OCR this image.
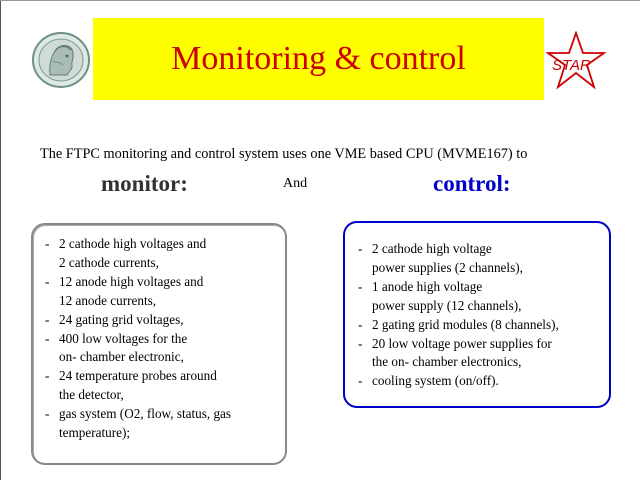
Monitoring & control	STAR
The FTPC monitoring and control system uses one VME based CPU (MVME167) to
monitor:	And	control:
- 2 cathode high voltages and
2 cathode currents,
- 12 anode high voltages and
12 anode currents,
- 24 gating grid voltages,
- 400 low voltages for the
on- chamber electronic,
- 24 temperature probes around
the detector,
- gas system (O2, flow, status, gas
temperature);
- 2 cathode high voltage
power supplies (2 channels),
- 1 anode high voltage
power supply (12 channels),
- 2 gating grid modules (8 channels),
- 20 low voltage power supplies for
the on- chamber electronics,
- cooling system (on/off).
